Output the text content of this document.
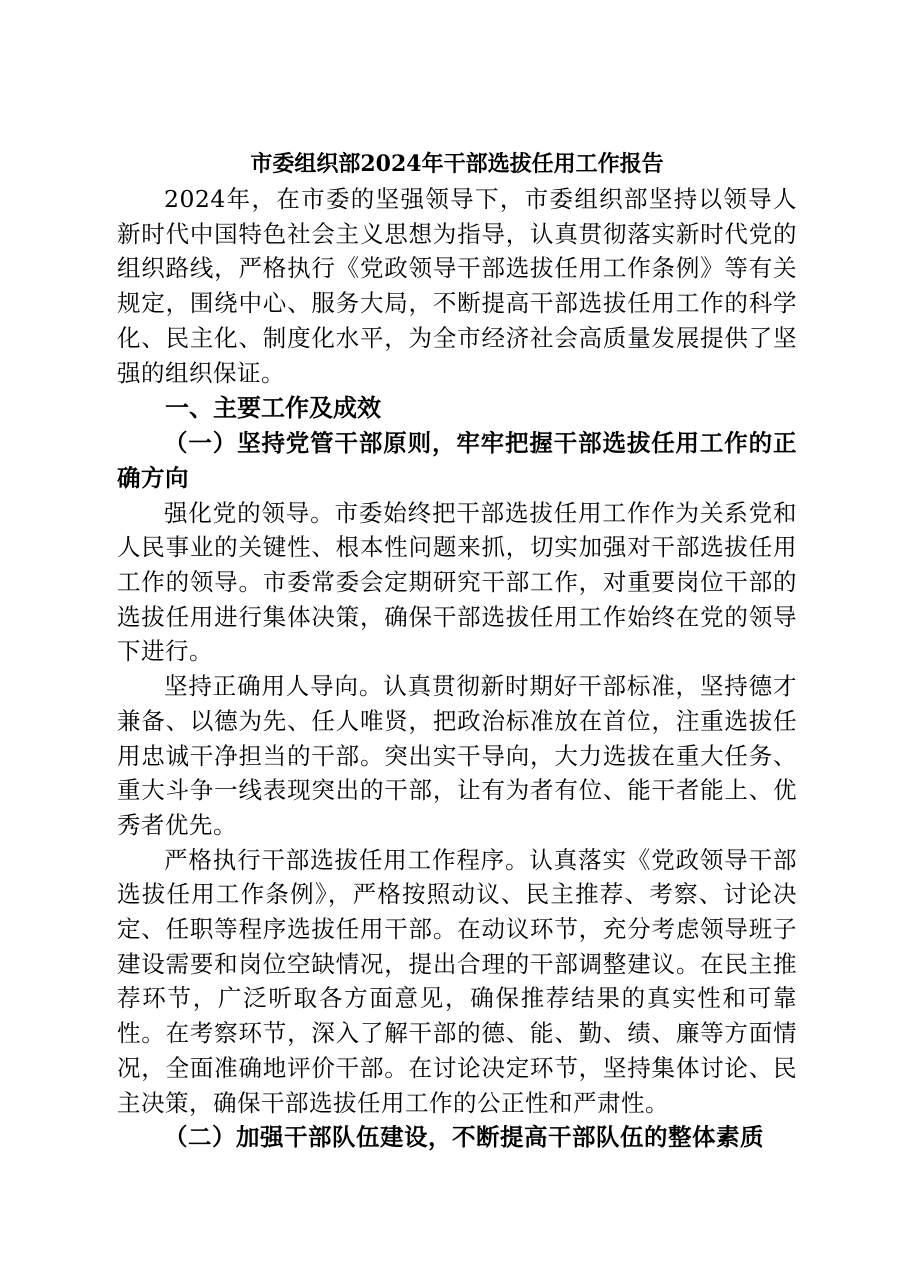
市委组织部2024年干部选拔任用工作报告

2024年，在市委的坚强领导下，市委组织部坚持以领导人新时代中国特色社会主义思想为指导，认真贯彻落实新时代党的组织路线，严格执行《党政领导干部选拔任用工作条例》等有关规定，围绕中心、服务大局，不断提高干部选拔任用工作的科学化、民主化、制度化水平，为全市经济社会高质量发展提供了坚强的组织保证。

一、主要工作及成效
（一）坚持党管干部原则，牢牢把握干部选拔任用工作的正确方向

强化党的领导。市委始终把干部选拔任用工作作为关系党和人民事业的关键性、根本性问题来抓，切实加强对干部选拔任用工作的领导。市委常委会定期研究干部工作，对重要岗位干部的选拔任用进行集体决策，确保干部选拔任用工作始终在党的领导下进行。

坚持正确用人导向。认真贯彻新时期好干部标准，坚持德才兼备、以德为先、任人唯贤，把政治标准放在首位，注重选拔任用忠诚干净担当的干部。突出实干导向，大力选拔在重大任务、重大斗争一线表现突出的干部，让有为者有位、能干者能上、优秀者优先。

严格执行干部选拔任用工作程序。认真落实《党政领导干部选拔任用工作条例》，严格按照动议、民主推荐、考察、讨论决定、任职等程序选拔任用干部。在动议环节，充分考虑领导班子建设需要和岗位空缺情况，提出合理的干部调整建议。在民主推荐环节，广泛听取各方面意见，确保推荐结果的真实性和可靠性。在考察环节，深入了解干部的德、能、勤、绩、廉等方面情况，全面准确地评价干部。在讨论决定环节，坚持集体讨论、民主决策，确保干部选拔任用工作的公正性和严肃性。

（二）加强干部队伍建设，不断提高干部队伍的整体素质
